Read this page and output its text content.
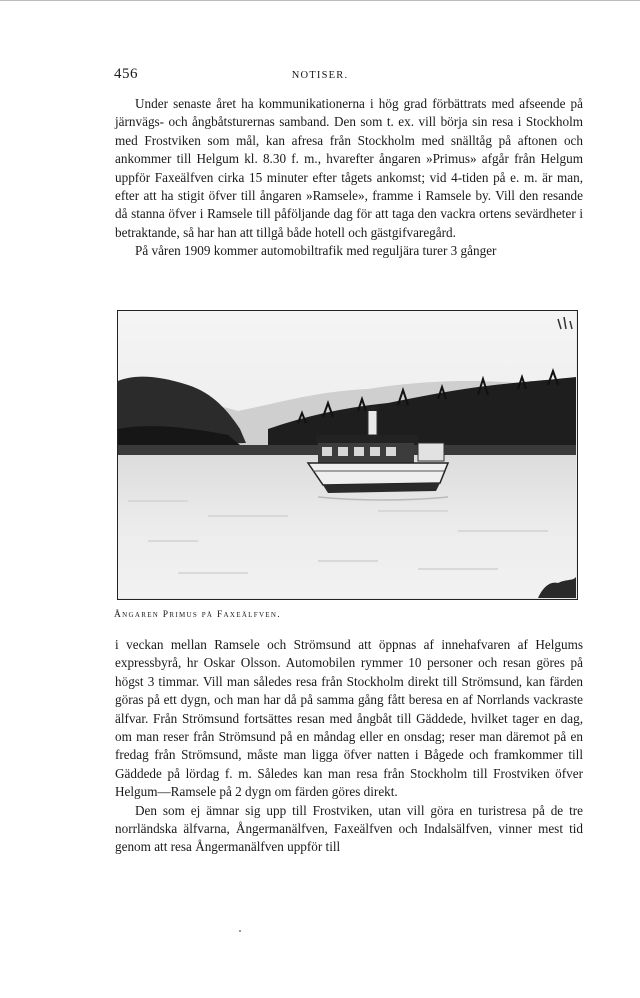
456	NOTISER.

Under senaste året ha kommunikationerna i hög grad förbättrats med afseende på järnvägs- och ångbåtsturernas samband. Den som t. ex. vill börja sin resa i Stockholm med Frostviken som mål, kan afresa från Stockholm med snälltåg på aftonen och ankommer till Helgum kl. 8.30 f. m., hvarefter ångaren »Primus» afgår från Helgum uppför Faxeälfven cirka 15 minuter efter tågets ankomst; vid 4-tiden på e. m. är man, efter att ha stigit öfver till ångaren »Ramsele», framme i Ramsele by. Vill den resande då stanna öfver i Ramsele till påföljande dag för att taga den vackra ortens sevärdheter i betraktande, så har han att tillgå både hotell och gästgifvaregård.

På våren 1909 kommer automobiltrafik med reguljära turer 3 gånger

Ångaren Primus på Faxeälfven.

i veckan mellan Ramsele och Strömsund att öppnas af innehafvaren af Helgums expressbyrå, hr Oskar Olsson. Automobilen rymmer 10 personer och resan göres på högst 3 timmar. Vill man således resa från Stockholm direkt till Strömsund, kan färden göras på ett dygn, och man har då på samma gång fått beresa en af Norrlands vackraste älfvar. Från Strömsund fortsättes resan med ångbåt till Gäddede, hvilket tager en dag, om man reser från Strömsund på en måndag eller en onsdag; reser man däremot på en fredag från Strömsund, måste man ligga öfver natten i Bågede och framkommer till Gäddede på lördag f. m. Således kan man resa från Stockholm till Frostviken öfver Helgum—Ramsele på 2 dygn om färden göres direkt.

Den som ej ämnar sig upp till Frostviken, utan vill göra en turistresa på de tre norrländska älfvarna, Ångermanälfven, Faxeälfven och Indalsälfven, vinner mest tid genom att resa Ångermanälfven uppför till
